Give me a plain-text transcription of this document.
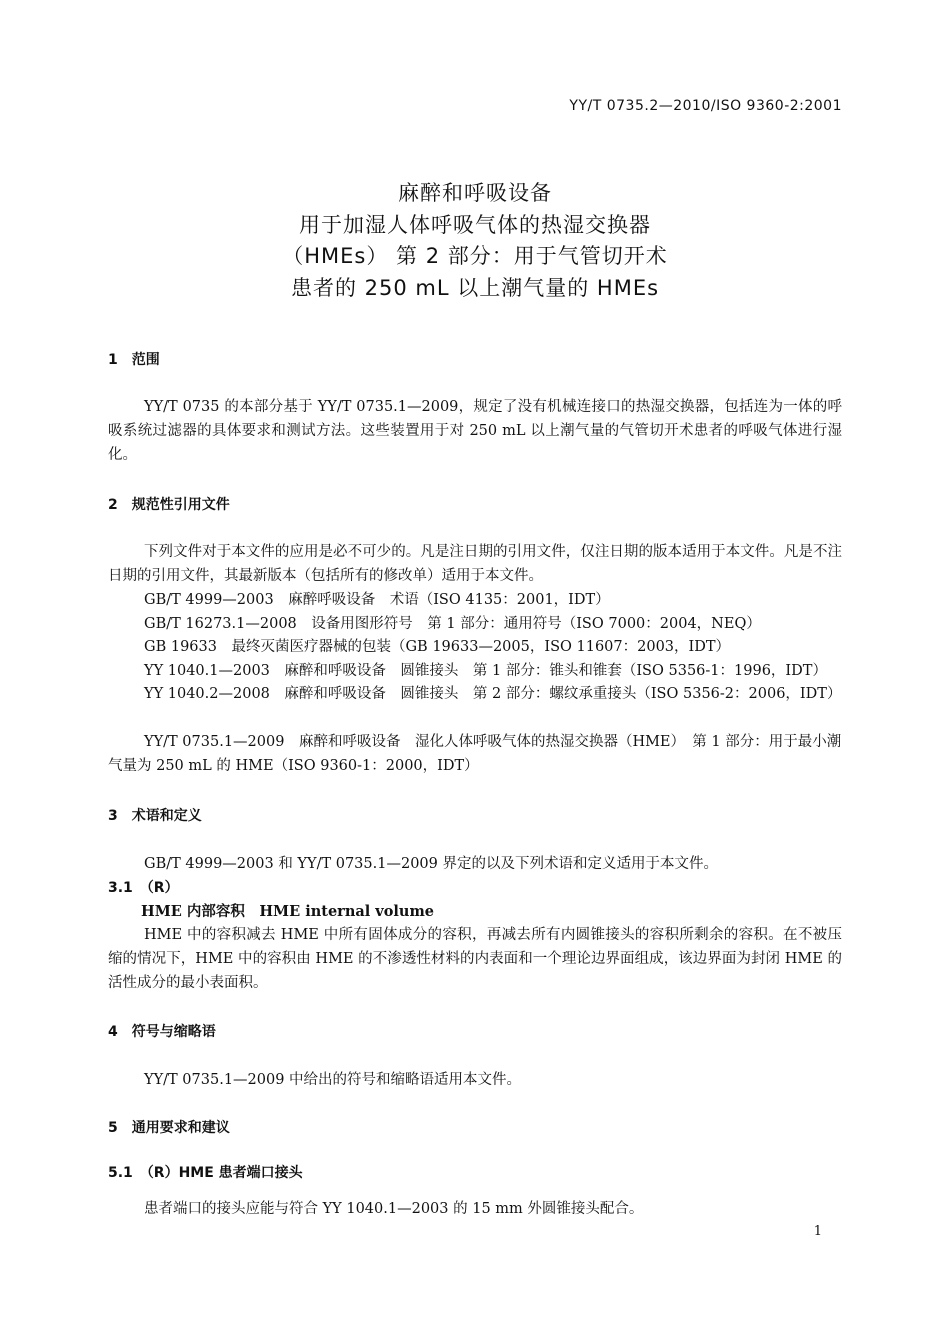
YY/T 0735.2—2010/ISO 9360-2:2001
麻醉和呼吸设备
用于加湿人体呼吸气体的热湿交换器
（HMEs） 第 2 部分：用于气管切开术
患者的 250 mL 以上潮气量的 HMEs
1　范围
YY/T 0735 的本部分基于 YY/T 0735.1—2009，规定了没有机械连接口的热湿交换器，包括连为一体的呼吸系统过滤器的具体要求和测试方法。这些装置用于对 250 mL 以上潮气量的气管切开术患者的呼吸气体进行湿化。
2　规范性引用文件
下列文件对于本文件的应用是必不可少的。凡是注日期的引用文件，仅注日期的版本适用于本文件。凡是不注日期的引用文件，其最新版本（包括所有的修改单）适用于本文件。
GB/T 4999—2003　麻醉呼吸设备　术语（ISO 4135：2001，IDT）
GB/T 16273.1—2008　设备用图形符号　第 1 部分：通用符号（ISO 7000：2004，NEQ）
GB 19633　最终灭菌医疗器械的包装（GB 19633—2005，ISO 11607：2003，IDT）
YY 1040.1—2003　麻醉和呼吸设备　圆锥接头　第 1 部分：锥头和锥套（ISO 5356-1：1996，IDT）
YY 1040.2—2008　麻醉和呼吸设备　圆锥接头　第 2 部分：螺纹承重接头（ISO 5356-2：2006，IDT）
YY/T 0735.1—2009　麻醉和呼吸设备　湿化人体呼吸气体的热湿交换器（HME）　第 1 部分：用于最小潮气量为 250 mL 的 HME（ISO 9360-1：2000，IDT）
3　术语和定义
GB/T 4999—2003 和 YY/T 0735.1—2009 界定的以及下列术语和定义适用于本文件。
3.1　（R）
HME 内部容积　HME internal volume
HME 中的容积减去 HME 中所有固体成分的容积，再减去所有内圆锥接头的容积所剩余的容积。在不被压缩的情况下，HME 中的容积由 HME 的不渗透性材料的内表面和一个理论边界面组成，该边界面为封闭 HME 的活性成分的最小表面积。
4　符号与缩略语
YY/T 0735.1—2009 中给出的符号和缩略语适用本文件。
5　通用要求和建议
5.1　（R）HME 患者端口接头
患者端口的接头应能与符合 YY 1040.1—2003 的 15 mm 外圆锥接头配合。
1
